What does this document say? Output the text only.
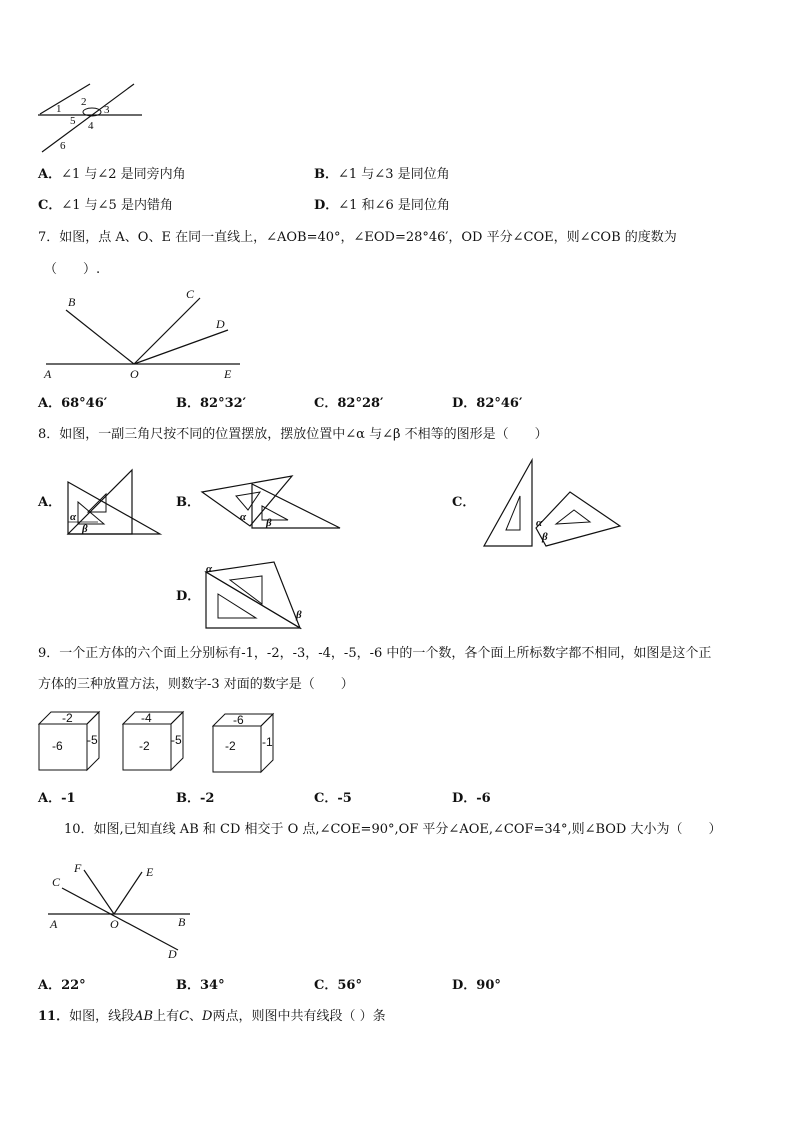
1
2
3
4
5
6
A．∠1 与∠2 是同旁内角	B．∠1 与∠3 是同位角
C．∠1 与∠5 是内错角	D．∠1 和∠6 是同位角
7．如图，点 A、O、E 在同一直线上，∠AOB=40°，∠EOD=28°46′，OD 平分∠COE，则∠COB 的度数为
（　　）.
B
C
D
A	O	E
A．68°46′	B．82°32′	C．82°28′	D．82°46′
8．如图，一副三角尺按不同的位置摆放，摆放位置中∠α 与∠β 不相等的图形是（　　）
A．
α
β
B．
α β
C．
α
β
D．
α
β
9．一个正方体的六个面上分别标有-1，-2，-3，-4，-5，-6 中的一个数，各个面上所标数字都不相同，如图是这个正
方体的三种放置方法，则数字-3 对面的数字是（　　）
-2
-6 -5
-4
-2 -5
-6
-2 -1
A．-1	B．-2	C．-5	D．-6
10．如图,已知直线 AB 和 CD 相交于 O 点,∠COE=90°,OF 平分∠AOE,∠COF=34°,则∠BOD 大小为（　　）
F
C
E
A	O	B
D
A．22°	B．34°	C．56°	D．90°
11．如图，线段AB上有C、D两点，则图中共有线段（ ）条
